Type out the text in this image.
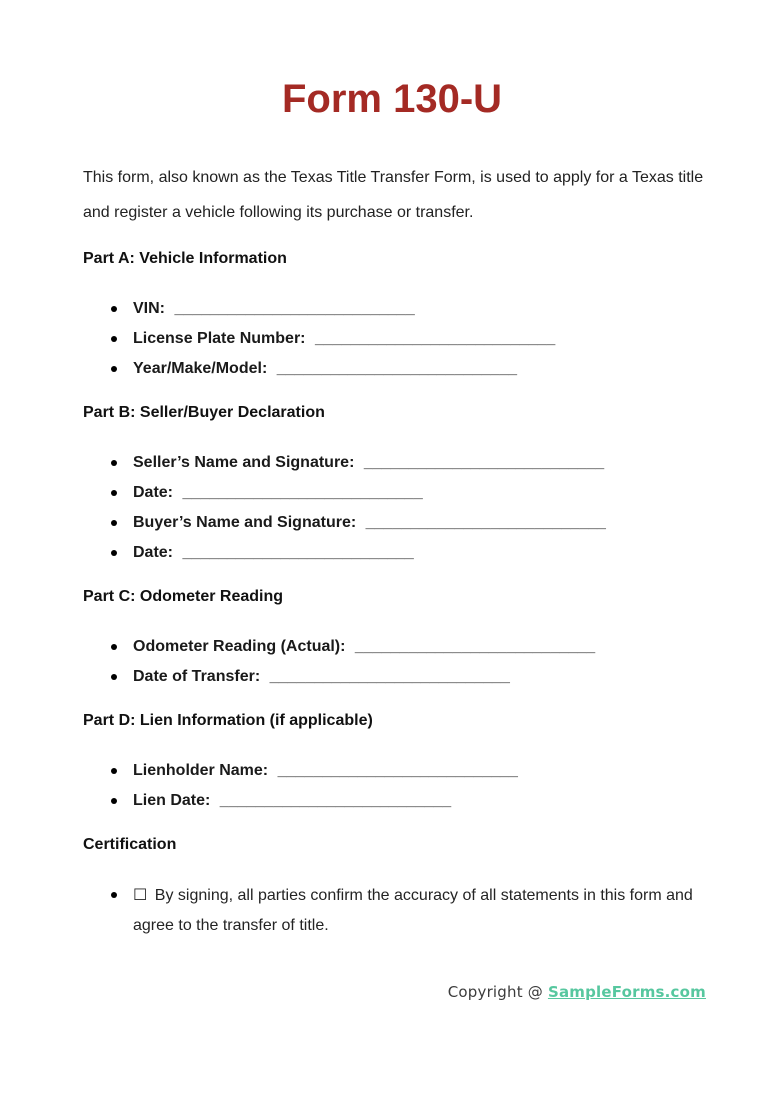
Form 130-U

This form, also known as the Texas Title Transfer Form, is used to apply for a Texas title and register a vehicle following its purchase or transfer.

Part A: Vehicle Information
VIN: ___________________________
License Plate Number: ___________________________
Year/Make/Model: ___________________________
Part B: Seller/Buyer Declaration
Seller’s Name and Signature: ___________________________
Date: ___________________________
Buyer’s Name and Signature: ___________________________
Date: __________________________
Part C: Odometer Reading
Odometer Reading (Actual): ___________________________
Date of Transfer: ___________________________
Part D: Lien Information (if applicable)
Lienholder Name: ___________________________
Lien Date: __________________________
Certification
☐ By signing, all parties confirm the accuracy of all statements in this form and agree to the transfer of title.
Copyright @ SampleForms.com
